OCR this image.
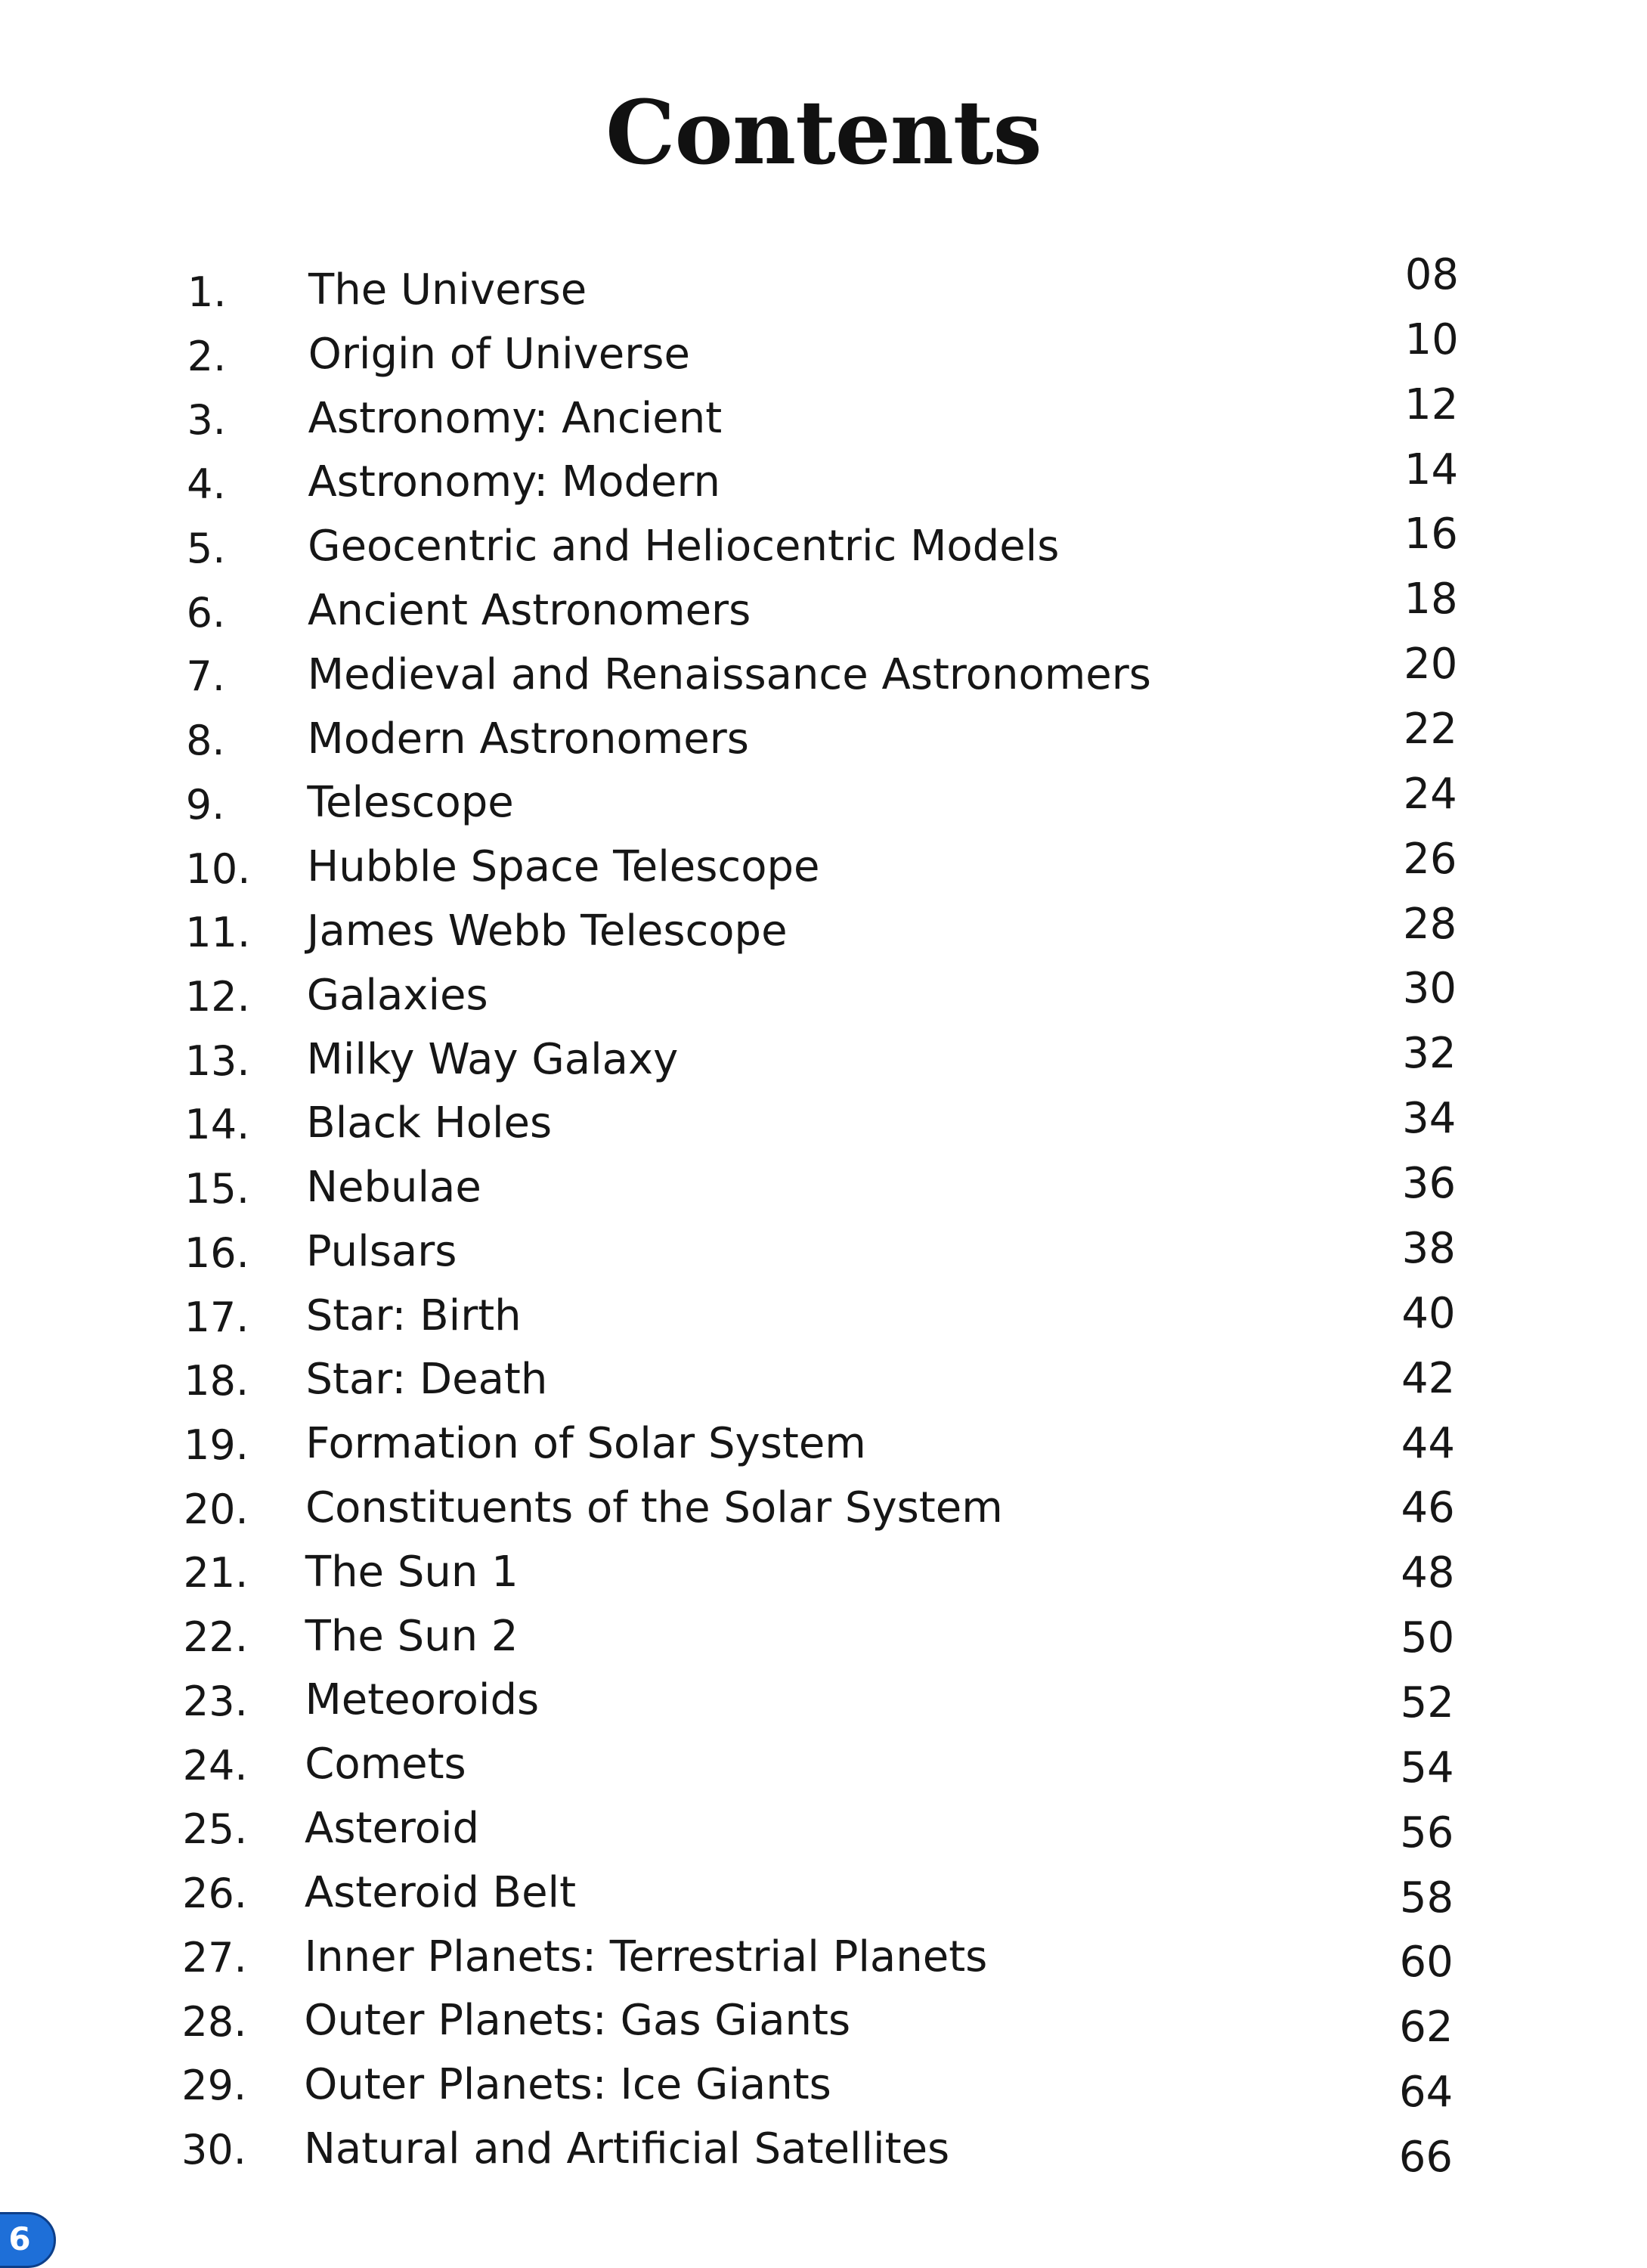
Contents
1. The Universe	08
2. Origin of Universe	10
3. Astronomy: Ancient	12
4. Astronomy: Modern	14
5. Geocentric and Heliocentric Models	16
6. Ancient Astronomers	18
7. Medieval and Renaissance Astronomers	20
8. Modern Astronomers	22
9. Telescope	24
10. Hubble Space Telescope	26
11. James Webb Telescope	28
12. Galaxies	30
13. Milky Way Galaxy	32
14. Black Holes	34
15. Nebulae	36
16. Pulsars	38
17. Star: Birth	40
18. Star: Death	42
19. Formation of Solar System	44
20. Constituents of the Solar System	46
21. The Sun 1	48
22. The Sun 2	50
23. Meteoroids	52
24. Comets	54
25. Asteroid	56
26. Asteroid Belt	58
27. Inner Planets: Terrestrial Planets	60
28. Outer Planets: Gas Giants	62
29. Outer Planets: Ice Giants	64
30. Natural and Artificial Satellites	66
6
